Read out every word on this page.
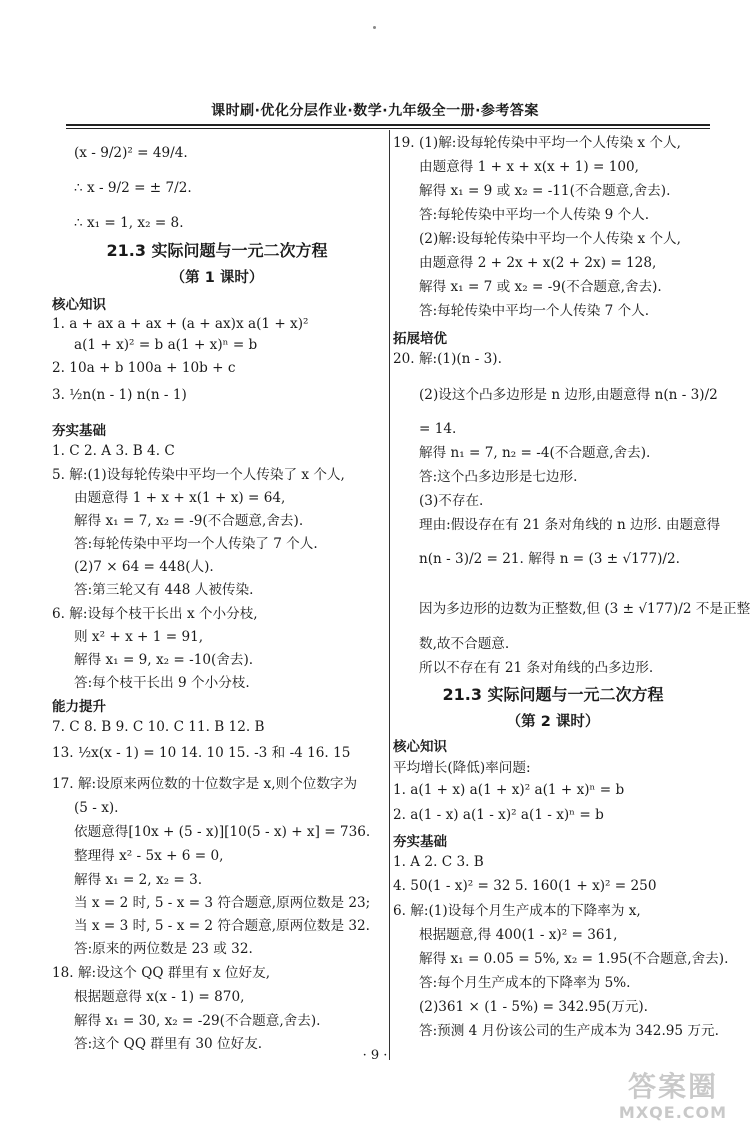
课时刷·优化分层作业·数学·九年级全一册·参考答案
(x - 9/2)² = 49/4.
∴ x - 9/2 = ± 7/2.
∴ x₁ = 1, x₂ = 8.
21.3 实际问题与一元二次方程
（第 1 课时）
核心知识
1. a + ax a + ax + (a + ax)x a(1 + x)²
a(1 + x)² = b a(1 + x)ⁿ = b
2. 10a + b 100a + 10b + c
3. ½n(n - 1) n(n - 1)
夯实基础
1. C 2. A 3. B 4. C
5. 解:(1)设每轮传染中平均一个人传染了 x 个人,
由题意得 1 + x + x(1 + x) = 64,
解得 x₁ = 7, x₂ = -9(不合题意,舍去).
答:每轮传染中平均一个人传染了 7 个人.
(2)7 × 64 = 448(人).
答:第三轮又有 448 人被传染.
6. 解:设每个枝干长出 x 个小分枝,
则 x² + x + 1 = 91,
解得 x₁ = 9, x₂ = -10(舍去).
答:每个枝干长出 9 个小分枝.
能力提升
7. C 8. B 9. C 10. C 11. B 12. B
13. ½x(x - 1) = 10 14. 10 15. -3 和 -4 16. 15
17. 解:设原来两位数的十位数字是 x,则个位数字为
(5 - x).
依题意得[10x + (5 - x)][10(5 - x) + x] = 736.
整理得 x² - 5x + 6 = 0,
解得 x₁ = 2, x₂ = 3.
当 x = 2 时, 5 - x = 3 符合题意,原两位数是 23;
当 x = 3 时, 5 - x = 2 符合题意,原两位数是 32.
答:原来的两位数是 23 或 32.
18. 解:设这个 QQ 群里有 x 位好友,
根据题意得 x(x - 1) = 870,
解得 x₁ = 30, x₂ = -29(不合题意,舍去).
答:这个 QQ 群里有 30 位好友.
19. (1)解:设每轮传染中平均一个人传染 x 个人,
由题意得 1 + x + x(x + 1) = 100,
解得 x₁ = 9 或 x₂ = -11(不合题意,舍去).
答:每轮传染中平均一个人传染 9 个人.
(2)解:设每轮传染中平均一个人传染 x 个人,
由题意得 2 + 2x + x(2 + 2x) = 128,
解得 x₁ = 7 或 x₂ = -9(不合题意,舍去).
答:每轮传染中平均一个人传染 7 个人.
拓展培优
20. 解:(1)(n - 3).
(2)设这个凸多边形是 n 边形,由题意得 n(n - 3)/2
= 14.
解得 n₁ = 7, n₂ = -4(不合题意,舍去).
答:这个凸多边形是七边形.
(3)不存在.
理由:假设存在有 21 条对角线的 n 边形. 由题意得
n(n - 3)/2 = 21. 解得 n = (3 ± √177)/2.
因为多边形的边数为正整数,但 (3 ± √177)/2 不是正整
数,故不合题意.
所以不存在有 21 条对角线的凸多边形.
21.3 实际问题与一元二次方程
（第 2 课时）
核心知识
平均增长(降低)率问题:
1. a(1 + x) a(1 + x)² a(1 + x)ⁿ = b
2. a(1 - x) a(1 - x)² a(1 - x)ⁿ = b
夯实基础
1. A 2. C 3. B
4. 50(1 - x)² = 32 5. 160(1 + x)² = 250
6. 解:(1)设每个月生产成本的下降率为 x,
根据题意,得 400(1 - x)² = 361,
解得 x₁ = 0.05 = 5%, x₂ = 1.95(不合题意,舍去).
答:每个月生产成本的下降率为 5%.
(2)361 × (1 - 5%) = 342.95(万元).
答:预测 4 月份该公司的生产成本为 342.95 万元.
· 9 ·
答案圈
MXQE.COM
